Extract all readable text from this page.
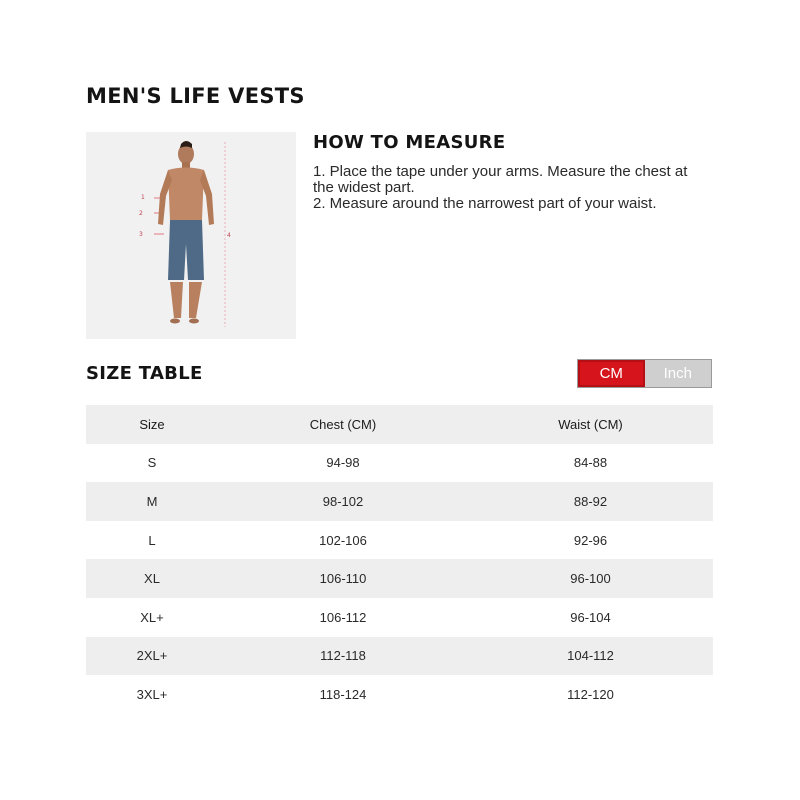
MEN'S LIFE VESTS
1
2
3	4
HOW TO MEASURE
1. Place the tape under your arms. Measure the chest at the widest part.
2. Measure around the narrowest part of your waist.
SIZE TABLE	CM	Inch
Size	Chest (CM)	Waist (CM)
S	94-98	84-88
M	98-102	88-92
L	102-106	92-96
XL	106-110	96-100
XL+	106-112	96-104
2XL+	112-118	104-112
3XL+	118-124	112-120
